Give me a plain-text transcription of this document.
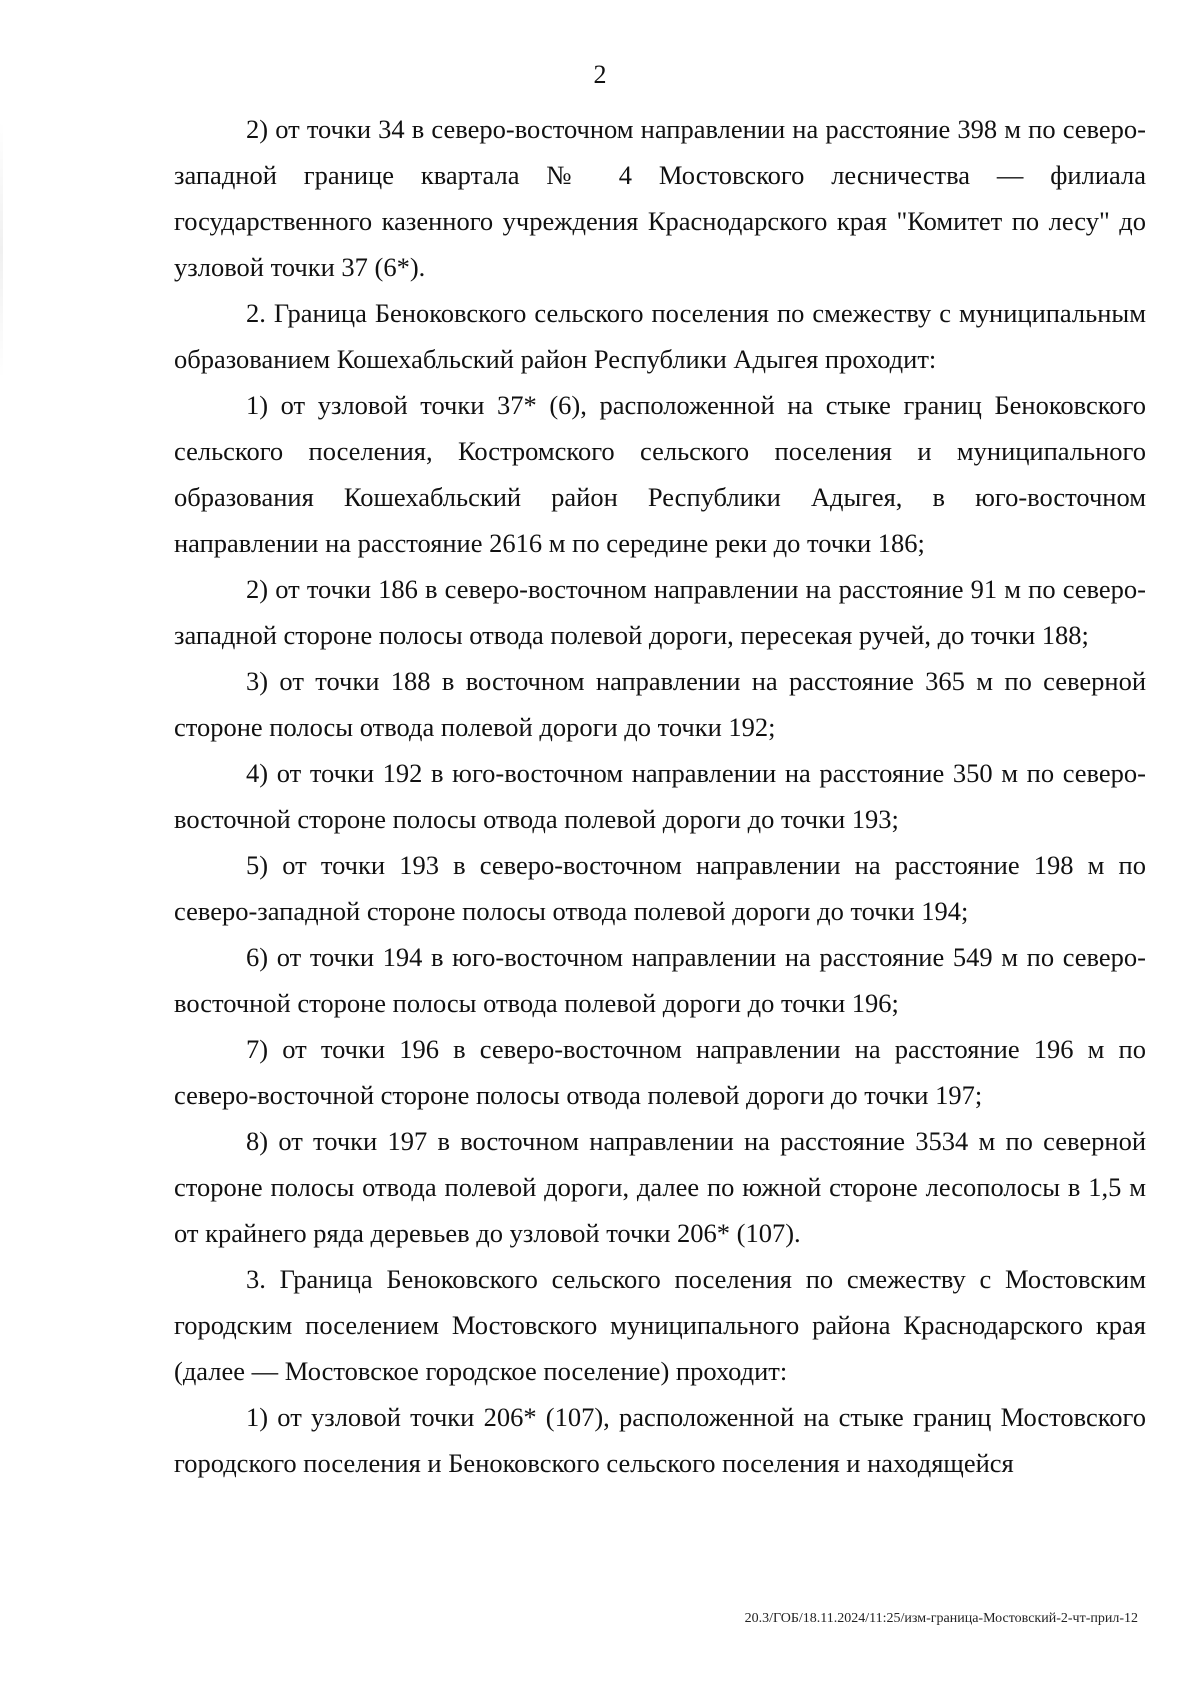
2

2) от точки 34 в северо-восточном направлении на расстояние 398 м по северо-западной границе квартала № 4 Мостовского лесничества — филиала государственного казенного учреждения Краснодарского края "Комитет по лесу" до узловой точки 37 (6*).

2. Граница Беноковского сельского поселения по смежеству с муниципальным образованием Кошехабльский район Республики Адыгея проходит:

1) от узловой точки 37* (6), расположенной на стыке границ Беноковского сельского поселения, Костромского сельского поселения и муниципального образования Кошехабльский район Республики Адыгея, в юго-восточном направлении на расстояние 2616 м по середине реки до точки 186;

2) от точки 186 в северо-восточном направлении на расстояние 91 м по северо-западной стороне полосы отвода полевой дороги, пересекая ручей, до точки 188;

3) от точки 188 в восточном направлении на расстояние 365 м по северной стороне полосы отвода полевой дороги до точки 192;

4) от точки 192 в юго-восточном направлении на расстояние 350 м по северо-восточной стороне полосы отвода полевой дороги до точки 193;

5) от точки 193 в северо-восточном направлении на расстояние 198 м по северо-западной стороне полосы отвода полевой дороги до точки 194;

6) от точки 194 в юго-восточном направлении на расстояние 549 м по северо-восточной стороне полосы отвода полевой дороги до точки 196;

7) от точки 196 в северо-восточном направлении на расстояние 196 м по северо-восточной стороне полосы отвода полевой дороги до точки 197;

8) от точки 197 в восточном направлении на расстояние 3534 м по северной стороне полосы отвода полевой дороги, далее по южной стороне лесополосы в 1,5 м от крайнего ряда деревьев до узловой точки 206* (107).

3. Граница Беноковского сельского поселения по смежеству с Мостовским городским поселением Мостовского муниципального района Краснодарского края (далее — Мостовское городское поселение) проходит:

1) от узловой точки 206* (107), расположенной на стыке границ Мостовского городского поселения и Беноковского сельского поселения и находящейся

20.3/ГОБ/18.11.2024/11:25/изм-граница-Мостовский-2-чт-прил-12
